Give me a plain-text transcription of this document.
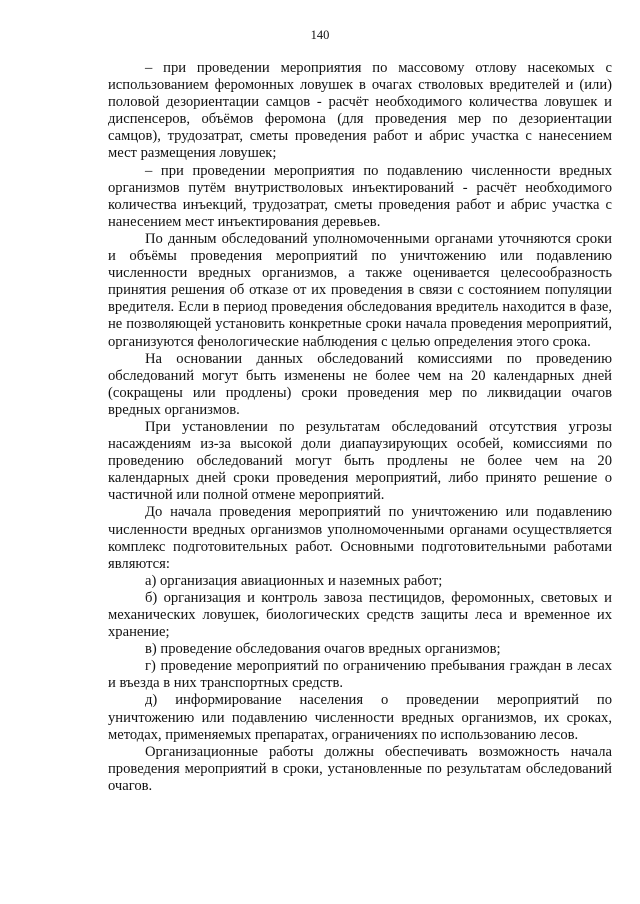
140

– при проведении мероприятия по массовому отлову насекомых с использованием феромонных ловушек в очагах стволовых вредителей и (или) половой дезориентации самцов - расчёт необходимого количества ловушек и диспенсеров, объёмов феромона (для проведения мер по дезориентации самцов), трудозатрат, сметы проведения работ и абрис участка с нанесением мест размещения ловушек;

– при проведении мероприятия по подавлению численности вредных организмов путём внутристволовых инъектирований - расчёт необходимого количества инъекций, трудозатрат, сметы проведения работ и абрис участка с нанесением мест инъектирования деревьев.

По данным обследований уполномоченными органами уточняются сроки и объёмы проведения мероприятий по уничтожению или подавлению численности вредных организмов, а также оценивается целесообразность принятия решения об отказе от их проведения в связи с состоянием популяции вредителя. Если в период проведения обследования вредитель находится в фазе, не позволяющей установить конкретные сроки начала проведения мероприятий, организуются фенологические наблюдения с целью определения этого срока.

На основании данных обследований комиссиями по проведению обследований могут быть изменены не более чем на 20 календарных дней (сокращены или продлены) сроки проведения мер по ликвидации очагов вредных организмов.

При установлении по результатам обследований отсутствия угрозы насаждениям из-за высокой доли диапаузирующих особей, комиссиями по проведению обследований могут быть продлены не более чем на 20 календарных дней сроки проведения мероприятий, либо принято решение о частичной или полной отмене мероприятий.

До начала проведения мероприятий по уничтожению или подавлению численности вредных организмов уполномоченными органами осуществляется комплекс подготовительных работ. Основными подготовительными работами являются:

а) организация авиационных и наземных работ;

б) организация и контроль завоза пестицидов, феромонных, световых и механических ловушек, биологических средств защиты леса и временное их хранение;

в) проведение обследования очагов вредных организмов;

г) проведение мероприятий по ограничению пребывания граждан в лесах и въезда в них транспортных средств.

д) информирование населения о проведении мероприятий по уничтожению или подавлению численности вредных организмов, их сроках, методах, применяемых препаратах, ограничениях по использованию лесов.

Организационные работы должны обеспечивать возможность начала проведения мероприятий в сроки, установленные по результатам обследований очагов.
